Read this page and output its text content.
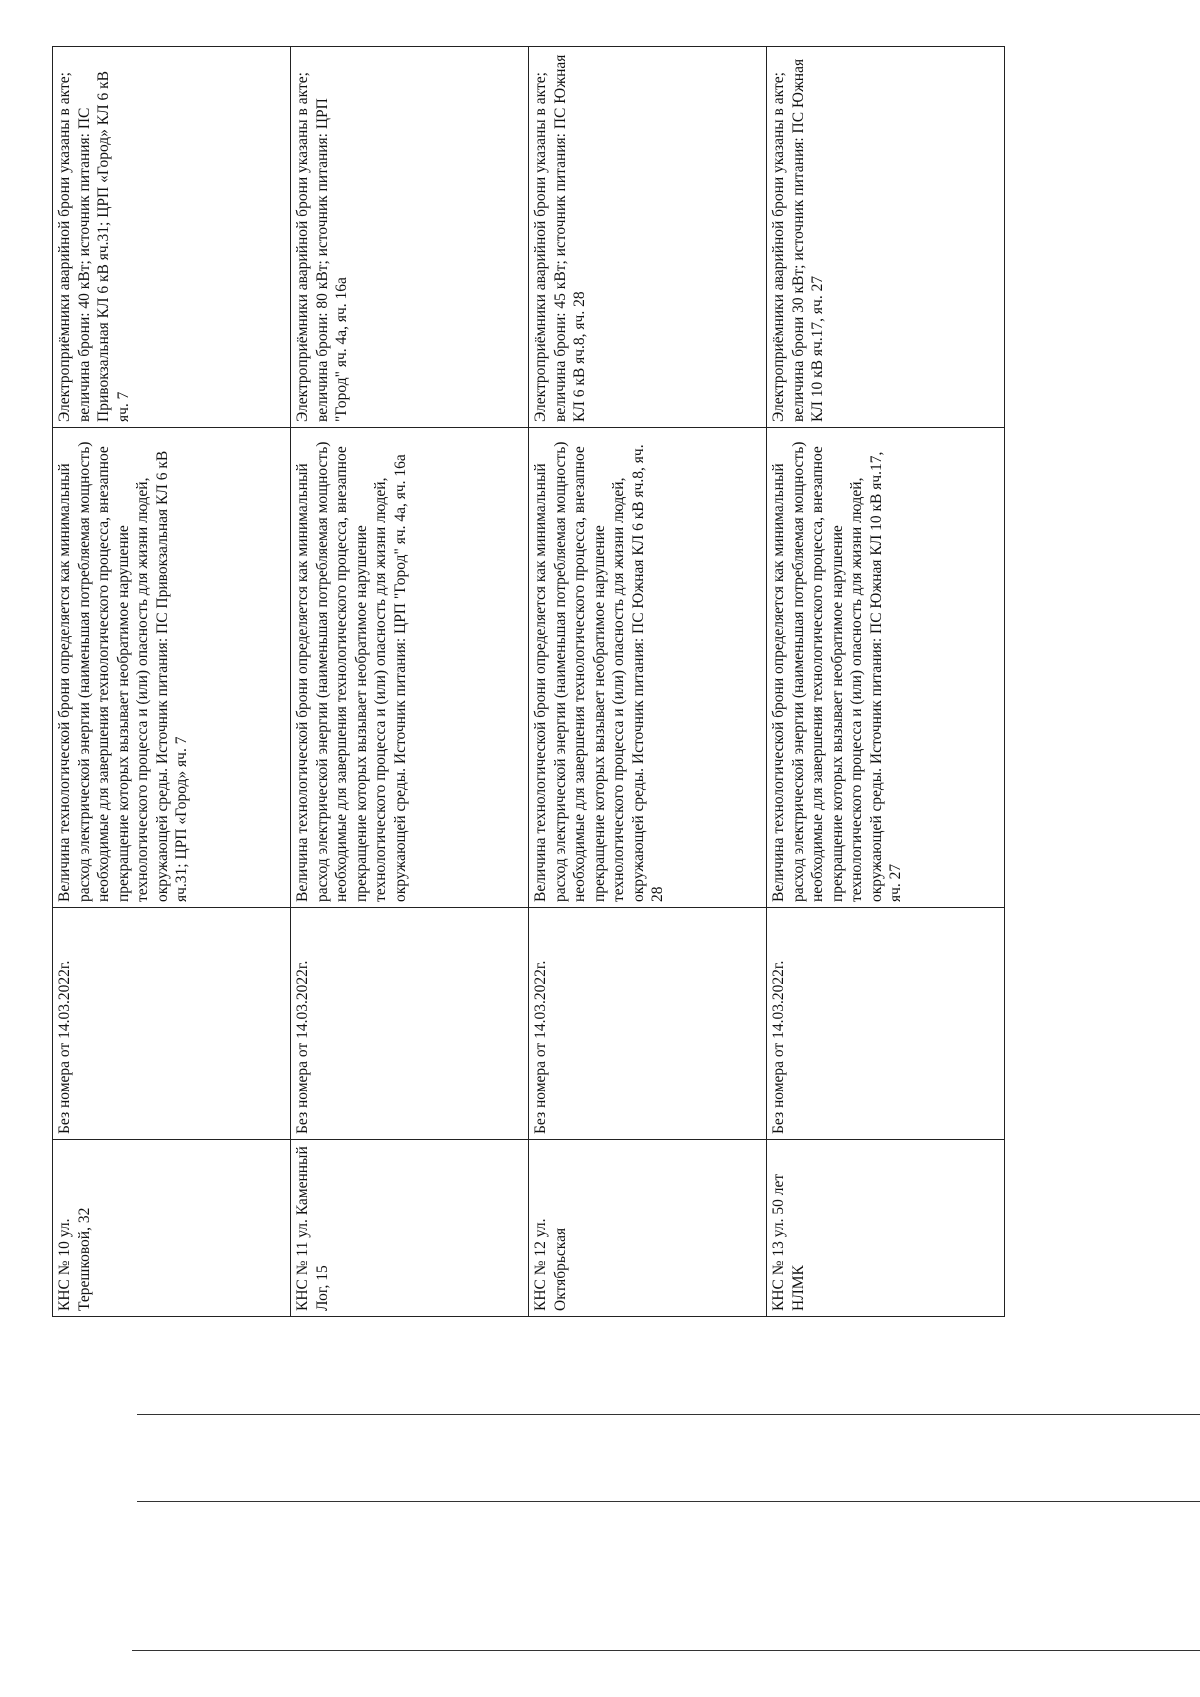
КНС № 10 ул. Терешковой, 32	Без номера от 14.03.2022г.	Величина технологической брони определяется как минимальный расход электрической энергии (наименьшая потребляемая мощность) необходимые для завершения технологического процесса, внезапное прекращение которых вызывает необратимое нарушение технологического процесса и (или) опасность для жизни людей, окружающей среды. Источник питания: ПС Привокзальная КЛ 6 кВ яч.31; ЦРП «Город» яч. 7	Электроприёмники аварийной брони указаны в акте; величина брони: 40 кВт; источник питания: ПС Привокзальная КЛ 6 кВ яч.31; ЦРП «Город» КЛ 6 кВ яч. 7
КНС № 11 ул. Каменный Лог, 15	Без номера от 14.03.2022г.	Величина технологической брони определяется как минимальный расход электрической энергии (наименьшая потребляемая мощность) необходимые для завершения технологического процесса, внезапное прекращение которых вызывает необратимое нарушение технологического процесса и (или) опасность для жизни людей, окружающей среды. Источник питания: ЦРП "Город" яч. 4а, яч. 16а	Электроприёмники аварийной брони указаны в акте; величина брони: 80 кВт; источник питания: ЦРП "Город" яч. 4а, яч. 16а
КНС № 12 ул. Октябрьская	Без номера от 14.03.2022г.	Величина технологической брони определяется как минимальный расход электрической энергии (наименьшая потребляемая мощность) необходимые для завершения технологического процесса, внезапное прекращение которых вызывает необратимое нарушение технологического процесса и (или) опасность для жизни людей, окружающей среды. Источник питания: ПС Южная КЛ 6 кВ яч.8, яч. 28	Электроприёмники аварийной брони указаны в акте; величина брони: 45 кВт; источник питания: ПС Южная КЛ 6 кВ яч.8, яч. 28
КНС № 13 ул. 50 лет НЛМК	Без номера от 14.03.2022г.	Величина технологической брони определяется как минимальный расход электрической энергии (наименьшая потребляемая мощность) необходимые для завершения технологического процесса, внезапное прекращение которых вызывает необратимое нарушение технологического процесса и (или) опасность для жизни людей, окружающей среды. Источник питания: ПС Южная КЛ 10 кВ яч.17, яч. 27	Электроприёмники аварийной брони указаны в акте; величина брони 30 кВт; источник питания: ПС Южная КЛ 10 кВ яч.17, яч. 27
